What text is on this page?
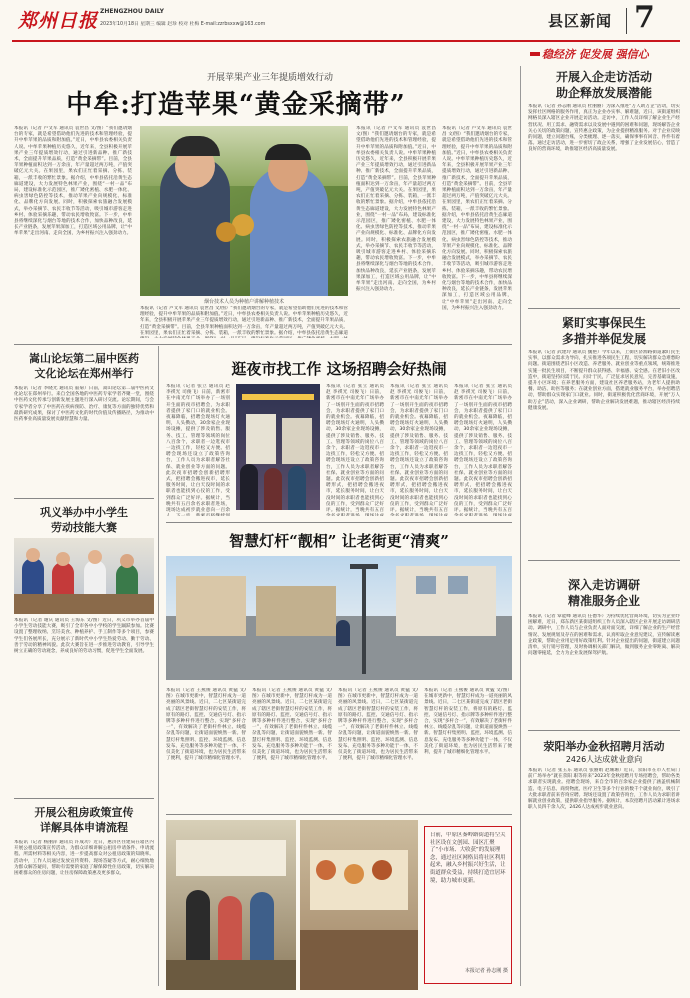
郑州日报 ZHENGZHOU DAILY
2023年10月18日 星期三 编辑 赵珍 校对 杜梅 E-mail:zzrbsxxw@163.com	县区新闻 7
稳经济 促发展 强信心
开展苹果产业三年提质增效行动
中牟:打造苹果“黄金采摘带”
本报讯（记者 卢文军 通讯员 袁世昌 文/图）“我们邀请烟台的专家，就是希望借助他们先进的技术和管理经验，提升中牟苹果的品质和附加值。”近日，中牟县农委相关负责人说。中牟苹果种植历史悠久，近年来，全县积极开展苹果产业三年提质增效行动，通过引进新品种、推广新技术，全面提升苹果品质，打造“黄金采摘带”。目前，全县苹果种植面积达到一万余亩，年产量超过两万吨，产值突破亿元大关。在果园里，果农们正忙着采摘、分拣、装箱，一派丰收的繁忙景象。据介绍，中牟县依托沿黄生态廊道建设，大力发展特色林果产业，围绕“一村一品”布局，建设标准化示范园区，推广矮化密植、水肥一体化、病虫害绿色防控等技术，推动苹果产业向规模化、标准化、品牌化方向发展。同时，积极探索农旅融合发展模式，举办采摘节、农民丰收节等活动，吸引城市游客走进乡村、体验采摘乐趣，带动农民增收致富。下一步，中牟县将继续深化与烟台等地的技术合作，加快品种改良，延长产业链条，发展苹果深加工，打造区域公用品牌，让“中牟苹果”走出河南、走向全国，为乡村振兴注入强劲动力。
烟台技术人员为种植户讲解种植技术
本报讯（记者 卢文军 通讯员 袁世昌 文/图）“我们邀请烟台的专家，就是希望借助他们先进的技术和管理经验，提升中牟苹果的品质和附加值。”近日，中牟县农委相关负责人说。中牟苹果种植历史悠久，近年来，全县积极开展苹果产业三年提质增效行动，通过引进新品种、推广新技术，全面提升苹果品质，打造“黄金采摘带”。目前，全县苹果种植面积达到一万余亩，年产量超过两万吨，产值突破亿元大关。在果园里，果农们正忙着采摘、分拣、装箱，一派丰收的繁忙景象。据介绍，中牟县依托沿黄生态廊道
本报讯（记者 卢文军 通讯员 袁世昌 文/图）“我们邀请烟台的专家，就是希望借助他们先进的技术和管理经验，提升中牟苹果的品质和附加值。”近日，中牟县农委相关负责人说。中牟苹果种植历史悠久，近年来，全县积极开展苹果产业三年提质增效行动，通过引进新品种、推广新技术，全面提升苹果品质，打造“黄金采摘带”。目前，全县苹果种植面积达到一万余亩，年产量超过两万吨，产值突破亿元大关。在果园里，果农们正忙着采摘、分拣、装箱，一派丰收的繁忙景象。据介绍，中牟县依托沿黄生态廊道建设，大力发展特色林果产业，围绕“一村一品”布局，建设标准化示范园区，推广矮化密植、水肥一体化、病虫害绿色防控等技术，推动苹果产业向规模化、标准化、品牌化方向发展。同时，积极探索农旅融合发展模式，举办采摘节、农民丰收节等活动，吸引城市游客走进乡村、体验采摘乐趣，带动农民增收致富。下一步，中牟县将继续深化与烟台等地的技术合作，加快品种改良，延长产业链条，发展苹果深加工，打造区域公用品牌，让“中牟苹果”走出河南、走向全国，为乡村振兴注入强劲动力。
本报讯（记者 卢文军 通讯员 袁世昌 文/图）“我们邀请烟台的专家，就是希望借助他们先进的技术和管理经验，提升中牟苹果的品质和附加值。”近日，中牟县农委相关负责人说。中牟苹果种植历史悠久，近年来，全县积极开展苹果产业三年提质增效行动，通过引进新品种、推广新技术，全面提升苹果品质，打造“黄金采摘带”。目前，全县苹果种植面积达到一万余亩，年产量超过两万吨，产值突破亿元大关。在果园里，果农们正忙着采摘、分拣、装箱，一派丰收的繁忙景象。据介绍，中牟县依托沿黄生态廊道建设，大力发展特色林果产业，围绕“一村一品”布局，建设标准化示范园区，推广矮化密植、水肥一体化、病虫害绿色防控等技术，推动苹果产业向规模化、标准化、品牌化方向发展。同时，积极探索农旅融合发展模式，举办采摘节、农民丰收节等活动，吸引城市游客走进乡村、体验采摘乐趣，带动农民增收致富。下一步，中牟县将继续深化与烟台等地的技术合作，加快品种改良，延长产业链条，发展苹果深加工，打造区域公用品牌，让“中牟苹果”走出河南、走向全国，为乡村振兴注入强劲动力。
开展入企走访活动
助企释放发展潜能
本报讯（记者 孙志刚 通讯员 杜丽丽）为深入推进“万人助万企”活动，切实发挥社区网格的服务作用，真正为企业办实事、解难题，近日，该街道组织网格员深入辖区企业开展走访活动。走访中，工作人员详细了解企业生产经营状况、用工需求、融资需求以及发展中遇到的困难和问题，现场解答企业关心关切的政策问题，宣传惠企政策，为企业提供精准服务。对于企业反映的问题，建立问题台账，分类梳理、逐一落实，确保事事有回音、件件有着落。通过走访活动，进一步密切了政企关系，增强了企业发展信心，营造了良好的营商环境，助推辖区经济高质量发展。
紧盯实事保民生
多措并举促发展
本报讯（记者 武建玲 通讯员 魏艳）今年以来，上街区济源路街道紧盯民生实事，以群众需求为导向，扎实推进各项民生工程，切实解决群众急难愁盼问题。街道围绕老旧小区改造、养老服务、就业创业等重点领域，统筹推进实施一批民生项目，不断提升群众获得感、幸福感、安全感。在老旧小区改造中，街道坚持问需于民、问计于民，广泛征求居民意见，完善基础设施，提升小区环境；在养老服务方面，建设社区养老服务站，为老年人提供助餐、助洁、助医等服务；在就业创业方面，搭建就业服务平台，举办招聘活动，帮助群众实现家门口就业。同时，街道积极优化营商环境，开展“万人助万企”活动，深入企业调研，帮助企业解决发展难题，推动辖区经济持续健康发展。
深入走访调研
精准服务企业
本报讯（记者 覃能峰 通讯员 任德华）为持续优化营商环境，切实为企业纾困解难，近日，郑东新区某街道组织工作人员深入辖区企业开展走访调研活动。调研中，工作人员与企业负责人面对面交流，详细了解企业的生产经营情况、发展规划及存在的困难和需求，认真听取企业意见建议，宣传解读惠企政策，帮助企业用足用好政策红利。针对企业提出的问题，街道建立问题清单，实行销号管理，及时协调相关部门解决，做到服务企业零距离、解决问题零拖延，全力为企业发展保驾护航。
荥阳举办金秋招聘月活动
2426人达成就业意向
本报讯（记者 张玉东 通讯员 张丽娟 赵珊珊）近日，荥阳市在市人社局门前广场举办“就在荥阳 职等你来”2023年金秋招聘月专场招聘会，帮助各类求职者实现就业。招聘会现场，来自全市的百余家企业提供了涵盖机械制造、电子信息、商贸物流、医疗卫生等多个行业的数千个就业岗位，吸引了大批求职者前来咨询应聘。现场还设置了政策咨询台，工作人员为求职者讲解就业创业政策，提供职业指导服务。据统计，本次招聘月活动累计进场求职人员四千余人次，2426人达成初步就业意向。
嵩山论坛第二届中医药
文化论坛在郑州举行
本报讯（记者 李晓光 通讯员 董菊）日前，嵩山论坛第二届中医药文化论坛在郑州举行。来自全国各地的中医药专家学者齐聚一堂，围绕中医药文化传承与创新发展主题进行深入研讨交流。论坛期间，与会专家学者分享了中医药在疾病预防、治疗、康复等方面的独特优势和最新研究成果，探讨了中医药文化的时代价值及传播路径，为推动中医药事业高质量发展贡献智慧和力量。
巩义举办中小学生
劳动技能大赛
本报讯（记者 谢庆 通讯员 王海东 文/图）近日，巩义市举办首届中小学生劳动技能大赛，吸引了全市各中小学校的学生踊跃参加。比赛设置了整理收纳、烹饪美食、种植养护、手工制作等多个项目，参赛学生们各展所长，充分展示了新时代中小学生热爱劳动、勤于劳动、善于劳动的精神风貌。此次大赛旨在进一步推进劳动教育，引导学生树立正确的劳动观念，养成良好的劳动习惯，促进学生全面发展。
开展公租房政策宣传
详解具体申请流程
本报讯（记者 杨丽萍 通讯员 许成功）近日，惠济区住建局在辖区内开展公租房政策宣传活动，为群众详细讲解公租房申请条件、申请流程、所需材料等相关内容，进一步提高群众对公租房政策的知晓率。活动中，工作人员通过发放宣传资料、现场答疑等方式，耐心细致地为群众解答疑问，帮助有需要的家庭了解保障性住房政策，切实解决困难群众的住房问题，让住房保障政策惠及更多群众。
逛夜市找工作 这场招聘会好热闹
本报讯（记者 张立 通讯员 赵 李祺光 司俊飞）日前，新密市在中南光年广场举办了一场别开生面的夜市招聘会，为求职者提供了家门口的就业机会。夜幕降临，招聘会现场灯火通明，人头攒动，30余家企业现场设摊，提供了涉及销售、服务、技工、管理等领域的岗位八百余个，求职者一边逛夜市一边找工作，轻松又方便。招聘会现场还设立了政策咨询台，工作人员为求职者解答社保、就业创业等方面的问题。此次夜市招聘会创新招聘形式，把招聘会搬进夜市，延长服务时间，让白天没时间的求职者也能找到心仪的工作，受到群众广泛好评。据统计，当晚共有五百余名求职者进场，现场达成初步就业意向一百余
本报讯（记者 张立 通讯员 赵 李祺光 司俊飞）日前，新密市在中南光年广场举办了一场别开生面的夜市招聘会，为求职者提供了家门口的就业机会。夜幕降临，招聘会现场灯火通明，人头攒动，30余家企业现场设摊，提供了涉及销售、服务、技工、管理等领域的岗位八百余个，求职者一边逛夜市一边找工作，轻松又方便。招聘会现场还设立了政策咨询台，工作人员为求职者解答社保、就业创业等方面的问题。此次夜市招聘会创新招聘形式，把招聘会搬进夜市，延长服务时间，让白天没时间的求职者也能找到心仪的工作，受到群众广泛好评。据统计，当晚共有五百
本报讯（记者 张立 通讯员 赵 李祺光 司俊飞）日前，新密市在中南光年广场举办了一场别开生面的夜市招聘会，为求职者提供了家门口的就业机会。夜幕降临，招聘会现场灯火通明，人头攒动，30余家企业现场设摊，提供了涉及销售、服务、技工、管理等领域的岗位八百余个，求职者一边逛夜市一边找工作，轻松又方便。招聘会现场还设立了政策咨询台，工作人员为求职者解答社保、就业创业等方面的问题。此次夜市招聘会创新招聘形式，把招聘会搬进夜市，延长服务时间，让白天没时间的求职者也能找到心仪的工作，受到群众广泛好评。据统计，当晚共有五百
本报讯（记者 张立 通讯员 赵 李祺光 司俊飞）日前，新密市在中南光年广场举办了一场别开生面的夜市招聘会，为求职者提供了家门口的就业机会。夜幕降临，招聘会现场灯火通明，人头攒动，30余家企业现场设摊，提供了涉及销售、服务、技工、管理等领域的岗位八百余个，求职者一边逛夜市一边找工作，轻松又方便。招聘会现场还设立了政策咨询台，工作人员为求职者解答社保、就业创业等方面的问题。此次夜市招聘会创新招聘形式，把招聘会搬进夜市，延长服务时间，让白天没时间的求职者也能找到心仪的工作，受到群众广泛好评。据统计，当晚共有五百
智慧灯杆“靓相” 让老街更“清爽”
本报讯（记者 王燕俊 通讯员 黄猛 文/图）在城市更新中，智慧灯杆成为一道亮丽的风景线。近日，二七区某街道完成了辖区老街智慧灯杆的安装工作，将原有的路灯、监控、交通信号灯、指示牌等多种杆件进行整合，实现“多杆合一”，有效解决了老街杆件林立、线缆杂乱等问题，让街道面貌焕然一新。智慧灯杆集照明、监控、环境监测、信息发布、充电服务等多种功能于一体，不仅美化了街道环境，也为居民生活带来了便利，提升了城市精细化管理水平。
本报讯（记者 王燕俊 通讯员 黄猛 文/图）在城市更新中，智慧灯杆成为一道亮丽的风景线。近日，二七区某街道完成了辖区老街智慧灯杆的安装工作，将原有的路灯、监控、交通信号灯、指示牌等多种杆件进行整合，实现“多杆合一”，有效解决了老街杆件林立、线缆杂乱等问题，让街道面貌焕然一新。智慧灯杆集照明、监控、环境监测、信息发布、充电服务等多种功能于一体，不仅美化了街道环境，也为居民生活带来了便利，提升了城市精细化管理水平。
本报讯（记者 王燕俊 通讯员 黄猛 文/图）在城市更新中，智慧灯杆成为一道亮丽的风景线。近日，二七区某街道完成了辖区老街智慧灯杆的安装工作，将原有的路灯、监控、交通信号灯、指示牌等多种杆件进行整合，实现“多杆合一”，有效解决了老街杆件林立、线缆杂乱等问题，让街道面貌焕然一新。智慧灯杆集照明、监控、环境监测、信息发布、充电服务等多种功能于一体，不仅美化了街道环境，也为居民生活带来了便利，提升了城市精细化管理水平。
本报讯（记者 王燕俊 通讯员 黄猛 文/图）在城市更新中，智慧灯杆成为一道亮丽的风景线。近日，二七区某街道完成了辖区老街智慧灯杆的安装工作，将原有的路灯、监控、交通信号灯、指示牌等多种杆件进行整合，实现“多杆合一”，有效解决了老街杆件林立、线缆杂乱等问题，让街道面貌焕然一新。智慧灯杆集照明、监控、环境监测、信息发布、充电服务等多种功能于一体，不仅美化了街道环境，也为居民生活带来了便利，提升了城市精细化管理水平。
日前，中原区秦岭路街道将空关社区设在文创园、园区汇聚了“小市场、大收获”的发展理念，通过社区网格员将社区利用起来，融入乡村振兴好生活，让街道群众受益，持续打造宜居环境，助力城市更新。
本报记者 孙志刚 摄
